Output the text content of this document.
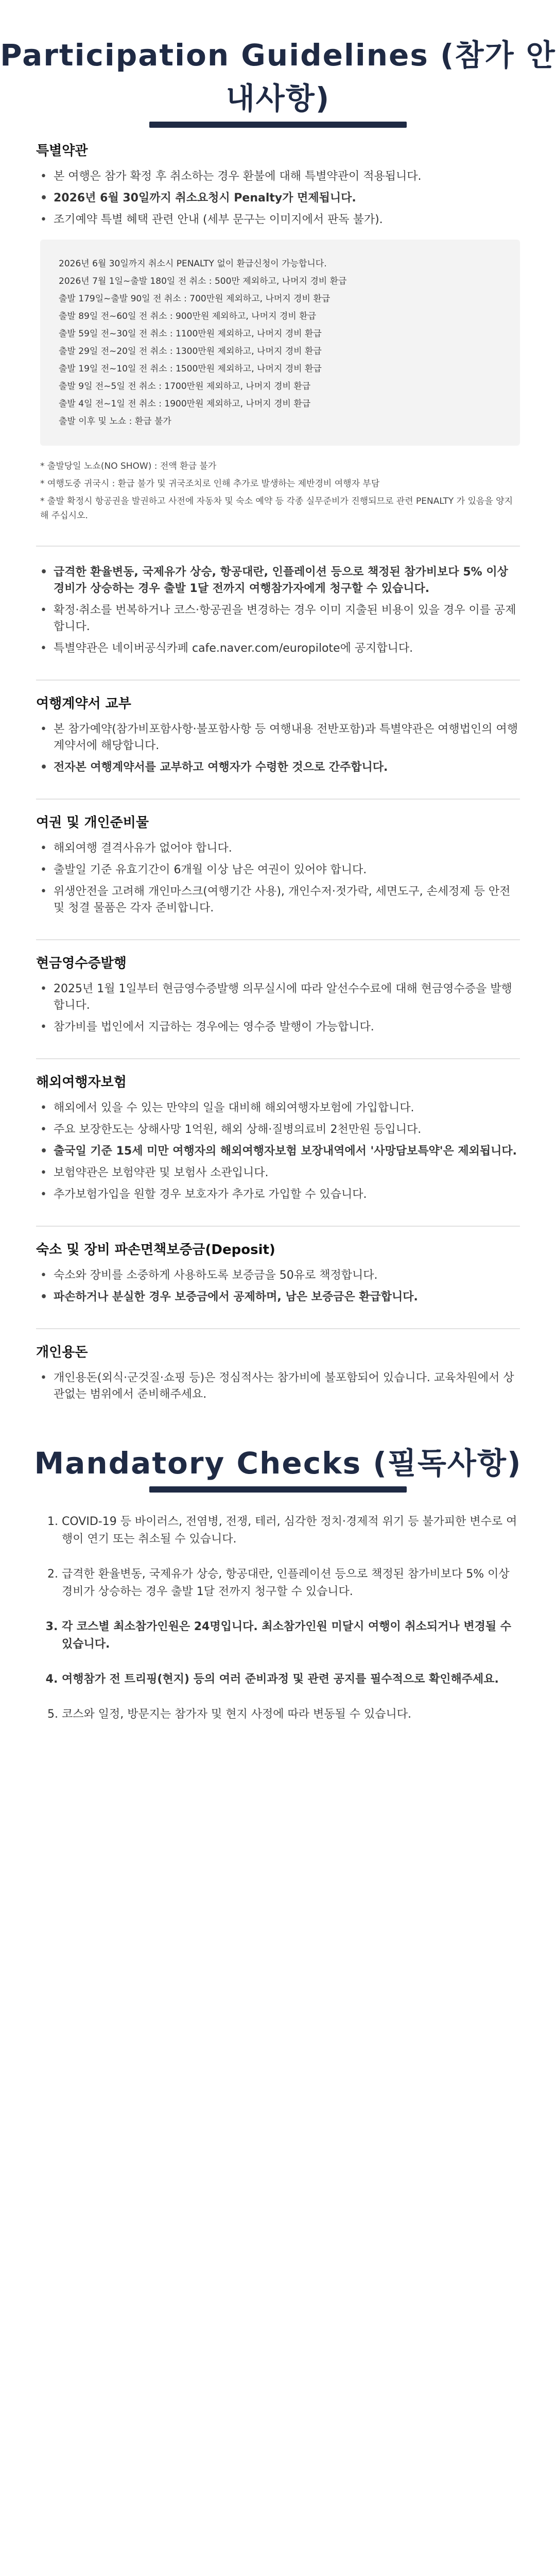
Participation Guidelines (참가 안내사항)
특별약관
• 본 여행은 참가 확정 후 취소하는 경우 환불에 대해 특별약관이 적용됩니다.
• 2026년 6월 30일까지 취소요청시 Penalty가 면제됩니다.
• 조기예약 특별 혜택 관련 안내 (세부 문구는 이미지에서 판독 불가).
2026년 6월 30일까지 취소시 PENALTY 없이 환급신청이 가능합니다.
2026년 7월 1일~출발 180일 전 취소 : 500만 제외하고, 나머지 경비 환급
출발 179일~출발 90일 전 취소 : 700만원 제외하고, 나머지 경비 환급
출발 89일 전~60일 전 취소 : 900만원 제외하고, 나머지 경비 환급
출발 59일 전~30일 전 취소 : 1100만원 제외하고, 나머지 경비 환급
출발 29일 전~20일 전 취소 : 1300만원 제외하고, 나머지 경비 환급
출발 19일 전~10일 전 취소 : 1500만원 제외하고, 나머지 경비 환급
출발 9일 전~5일 전 취소 : 1700만원 제외하고, 나머지 경비 환급
출발 4일 전~1일 전 취소 : 1900만원 제외하고, 나머지 경비 환급
출발 이후 및 노쇼 : 환급 불가
* 출발당일 노쇼(NO SHOW) : 전액 환급 불가
* 여행도중 귀국시 : 환급 불가 및 귀국조치로 인해 추가로 발생하는 제반경비 여행자 부담
* 출발 확정시 항공권을 발권하고 사전에 자동차 및 숙소 예약 등 각종 실무준비가 진행되므로 관련 PENALTY 가 있음을 양지해 주십시오.
• 급격한 환율변동, 국제유가 상승, 항공대란, 인플레이션 등으로 책정된 참가비보다 5% 이상 경비가 상승하는 경우 출발 1달 전까지 여행참가자에게 청구할 수 있습니다.
• 확정·취소를 번복하거나 코스·항공권을 변경하는 경우 이미 지출된 비용이 있을 경우 이를 공제합니다.
• 특별약관은 네이버공식카페 cafe.naver.com/europilote에 공지합니다.
여행계약서 교부
• 본 참가예약(참가비포함사항·불포함사항 등 여행내용 전반포함)과 특별약관은 여행법인의 여행계약서에 해당합니다.
• 전자본 여행계약서를 교부하고 여행자가 수령한 것으로 간주합니다.
여권 및 개인준비물
• 해외여행 결격사유가 없어야 합니다.
• 출발일 기준 유효기간이 6개월 이상 남은 여권이 있어야 합니다.
• 위생안전을 고려해 개인마스크(여행기간 사용), 개인수저·젓가락, 세면도구, 손세정제 등 안전 및 청결 물품은 각자 준비합니다.
현금영수증발행
• 2025년 1월 1일부터 현금영수증발행 의무실시에 따라 알선수수료에 대해 현금영수증을 발행합니다.
• 참가비를 법인에서 지급하는 경우에는 영수증 발행이 가능합니다.
해외여행자보험
• 해외에서 있을 수 있는 만약의 일을 대비해 해외여행자보험에 가입합니다.
• 주요 보장한도는 상해사망 1억원, 해외 상해·질병의료비 2천만원 등입니다.
• 출국일 기준 15세 미만 여행자의 해외여행자보험 보장내역에서 '사망담보특약'은 제외됩니다.
• 보험약관은 보험약관 및 보험사 소관입니다.
• 추가보험가입을 원할 경우 보호자가 추가로 가입할 수 있습니다.
숙소 및 장비 파손면책보증금(Deposit)
• 숙소와 장비를 소중하게 사용하도록 보증금을 50유로 책정합니다.
• 파손하거나 분실한 경우 보증금에서 공제하며, 남은 보증금은 환급합니다.
개인용돈
• 개인용돈(외식·군것질·쇼핑 등)은 정심적사는 참가비에 불포함되어 있습니다. 교육차원에서 상관없는 범위에서 준비해주세요.
Mandatory Checks (필독사항)
1. COVID-19 등 바이러스, 전염병, 전쟁, 테러, 심각한 정치·경제적 위기 등 불가피한 변수로 여행이 연기 또는 취소될 수 있습니다.
2. 급격한 환율변동, 국제유가 상승, 항공대란, 인플레이션 등으로 책정된 참가비보다 5% 이상 경비가 상승하는 경우 출발 1달 전까지 청구할 수 있습니다.
3. 각 코스별 최소참가인원은 24명입니다. 최소참가인원 미달시 여행이 취소되거나 변경될 수 있습니다.
4. 여행참가 전 트리핑(현지) 등의 여러 준비과정 및 관련 공지를 필수적으로 확인해주세요.
5. 코스와 일정, 방문지는 참가자 및 현지 사정에 따라 변동될 수 있습니다.
